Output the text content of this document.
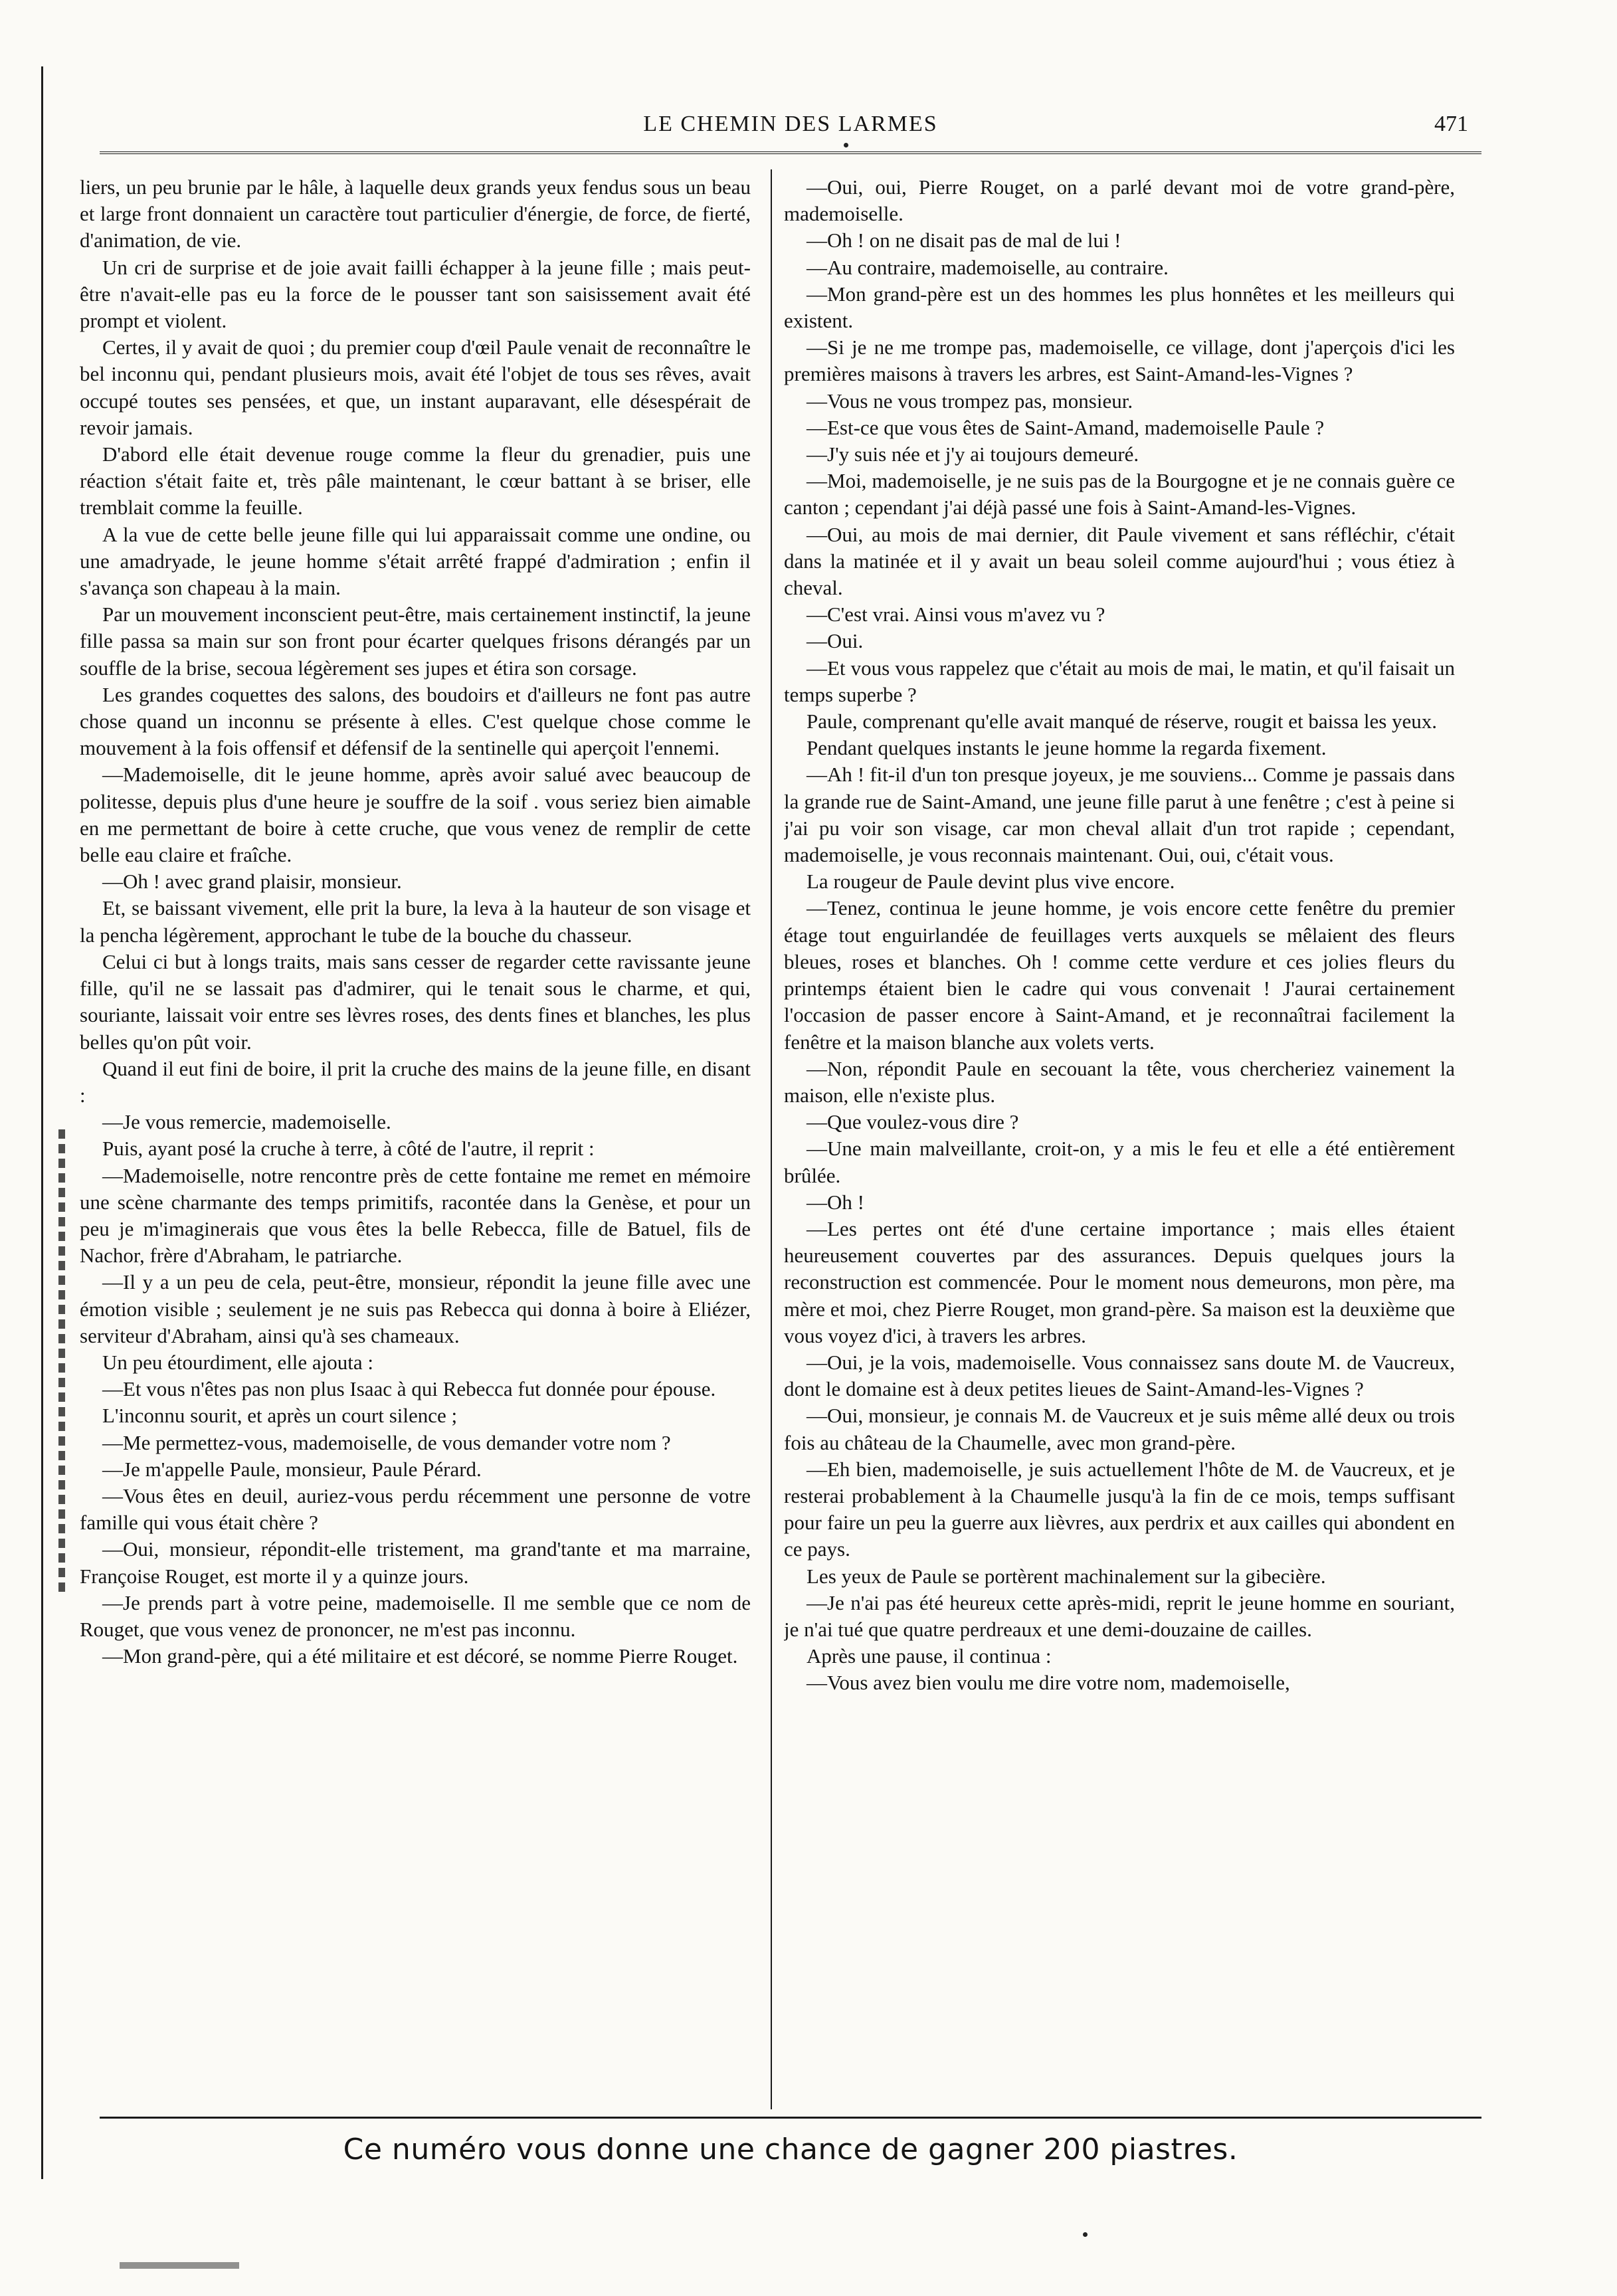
LE CHEMIN DES LARMES	471

liers, un peu brunie par le hâle, à laquelle deux grands yeux fendus sous un beau et large front donnaient un caractère tout particulier d'énergie, de force, de fierté, d'animation, de vie.

Un cri de surprise et de joie avait failli échapper à la jeune fille ; mais peut-être n'avait-elle pas eu la force de le pousser tant son saisissement avait été prompt et violent.

Certes, il y avait de quoi ; du premier coup d'œil Paule venait de reconnaître le bel inconnu qui, pendant plusieurs mois, avait été l'objet de tous ses rêves, avait occupé toutes ses pensées, et que, un instant auparavant, elle désespérait de revoir jamais.

D'abord elle était devenue rouge comme la fleur du grenadier, puis une réaction s'était faite et, très pâle maintenant, le cœur battant à se briser, elle tremblait comme la feuille.

A la vue de cette belle jeune fille qui lui apparaissait comme une ondine, ou une amadryade, le jeune homme s'était arrêté frappé d'admiration ; enfin il s'avança son chapeau à la main.

Par un mouvement inconscient peut-être, mais certainement instinctif, la jeune fille passa sa main sur son front pour écarter quelques frisons dérangés par un souffle de la brise, secoua légèrement ses jupes et étira son corsage.

Les grandes coquettes des salons, des boudoirs et d'ailleurs ne font pas autre chose quand un inconnu se présente à elles. C'est quelque chose comme le mouvement à la fois offensif et défensif de la sentinelle qui aperçoit l'ennemi.

—Mademoiselle, dit le jeune homme, après avoir salué avec beaucoup de politesse, depuis plus d'une heure je souffre de la soif . vous seriez bien aimable en me permettant de boire à cette cruche, que vous venez de remplir de cette belle eau claire et fraîche.

—Oh ! avec grand plaisir, monsieur.

Et, se baissant vivement, elle prit la bure, la leva à la hauteur de son visage et la pencha légèrement, approchant le tube de la bouche du chasseur.

Celui ci but à longs traits, mais sans cesser de regarder cette ravissante jeune fille, qu'il ne se lassait pas d'admirer, qui le tenait sous le charme, et qui, souriante, laissait voir entre ses lèvres roses, des dents fines et blanches, les plus belles qu'on pût voir.

Quand il eut fini de boire, il prit la cruche des mains de la jeune fille, en disant :

—Je vous remercie, mademoiselle.

Puis, ayant posé la cruche à terre, à côté de l'autre, il reprit :

—Mademoiselle, notre rencontre près de cette fontaine me remet en mémoire une scène charmante des temps primitifs, racontée dans la Genèse, et pour un peu je m'imaginerais que vous êtes la belle Rebecca, fille de Batuel, fils de Nachor, frère d'Abraham, le patriarche.

—Il y a un peu de cela, peut-être, monsieur, répondit la jeune fille avec une émotion visible ; seulement je ne suis pas Rebecca qui donna à boire à Eliézer, serviteur d'Abraham, ainsi qu'à ses chameaux.

Un peu étourdiment, elle ajouta :

—Et vous n'êtes pas non plus Isaac à qui Rebecca fut donnée pour épouse.

L'inconnu sourit, et après un court silence ;

—Me permettez-vous, mademoiselle, de vous demander votre nom ?

—Je m'appelle Paule, monsieur, Paule Pérard.

—Vous êtes en deuil, auriez-vous perdu récemment une personne de votre famille qui vous était chère ?

—Oui, monsieur, répondit-elle tristement, ma grand'tante et ma marraine, Françoise Rouget, est morte il y a quinze jours.

—Je prends part à votre peine, mademoiselle. Il me semble que ce nom de Rouget, que vous venez de prononcer, ne m'est pas inconnu.

—Mon grand-père, qui a été militaire et est décoré, se nomme Pierre Rouget.

—Oui, oui, Pierre Rouget, on a parlé devant moi de votre grand-père, mademoiselle.

—Oh ! on ne disait pas de mal de lui !

—Au contraire, mademoiselle, au contraire.

—Mon grand-père est un des hommes les plus honnêtes et les meilleurs qui existent.

—Si je ne me trompe pas, mademoiselle, ce village, dont j'aperçois d'ici les premières maisons à travers les arbres, est Saint-Amand-les-Vignes ?

—Vous ne vous trompez pas, monsieur.

—Est-ce que vous êtes de Saint-Amand, mademoiselle Paule ?

—J'y suis née et j'y ai toujours demeuré.

—Moi, mademoiselle, je ne suis pas de la Bourgogne et je ne connais guère ce canton ; cependant j'ai déjà passé une fois à Saint-Amand-les-Vignes.

—Oui, au mois de mai dernier, dit Paule vivement et sans réfléchir, c'était dans la matinée et il y avait un beau soleil comme aujourd'hui ; vous étiez à cheval.

—C'est vrai. Ainsi vous m'avez vu ?

—Oui.

—Et vous vous rappelez que c'était au mois de mai, le matin, et qu'il faisait un temps superbe ?

Paule, comprenant qu'elle avait manqué de réserve, rougit et baissa les yeux.

Pendant quelques instants le jeune homme la regarda fixement.

—Ah ! fit-il d'un ton presque joyeux, je me souviens... Comme je passais dans la grande rue de Saint-Amand, une jeune fille parut à une fenêtre ; c'est à peine si j'ai pu voir son visage, car mon cheval allait d'un trot rapide ; cependant, mademoiselle, je vous reconnais maintenant. Oui, oui, c'était vous.

La rougeur de Paule devint plus vive encore.

—Tenez, continua le jeune homme, je vois encore cette fenêtre du premier étage tout enguirlandée de feuillages verts auxquels se mêlaient des fleurs bleues, roses et blanches. Oh ! comme cette verdure et ces jolies fleurs du printemps étaient bien le cadre qui vous convenait ! J'aurai certainement l'occasion de passer encore à Saint-Amand, et je reconnaîtrai facilement la fenêtre et la maison blanche aux volets verts.

—Non, répondit Paule en secouant la tête, vous chercheriez vainement la maison, elle n'existe plus.

—Que voulez-vous dire ?

—Une main malveillante, croit-on, y a mis le feu et elle a été entièrement brûlée.

—Oh !

—Les pertes ont été d'une certaine importance ; mais elles étaient heureusement couvertes par des assurances. Depuis quelques jours la reconstruction est commencée. Pour le moment nous demeurons, mon père, ma mère et moi, chez Pierre Rouget, mon grand-père. Sa maison est la deuxième que vous voyez d'ici, à travers les arbres.

—Oui, je la vois, mademoiselle. Vous connaissez sans doute M. de Vaucreux, dont le domaine est à deux petites lieues de Saint-Amand-les-Vignes ?

—Oui, monsieur, je connais M. de Vaucreux et je suis même allé deux ou trois fois au château de la Chaumelle, avec mon grand-père.

—Eh bien, mademoiselle, je suis actuellement l'hôte de M. de Vaucreux, et je resterai probablement à la Chaumelle jusqu'à la fin de ce mois, temps suffisant pour faire un peu la guerre aux lièvres, aux perdrix et aux cailles qui abondent en ce pays.

Les yeux de Paule se portèrent machinalement sur la gibecière.

—Je n'ai pas été heureux cette après-midi, reprit le jeune homme en souriant, je n'ai tué que quatre perdreaux et une demi-douzaine de cailles.

Après une pause, il continua :

—Vous avez bien voulu me dire votre nom, mademoiselle,

Ce numéro vous donne une chance de gagner 200 piastres.
